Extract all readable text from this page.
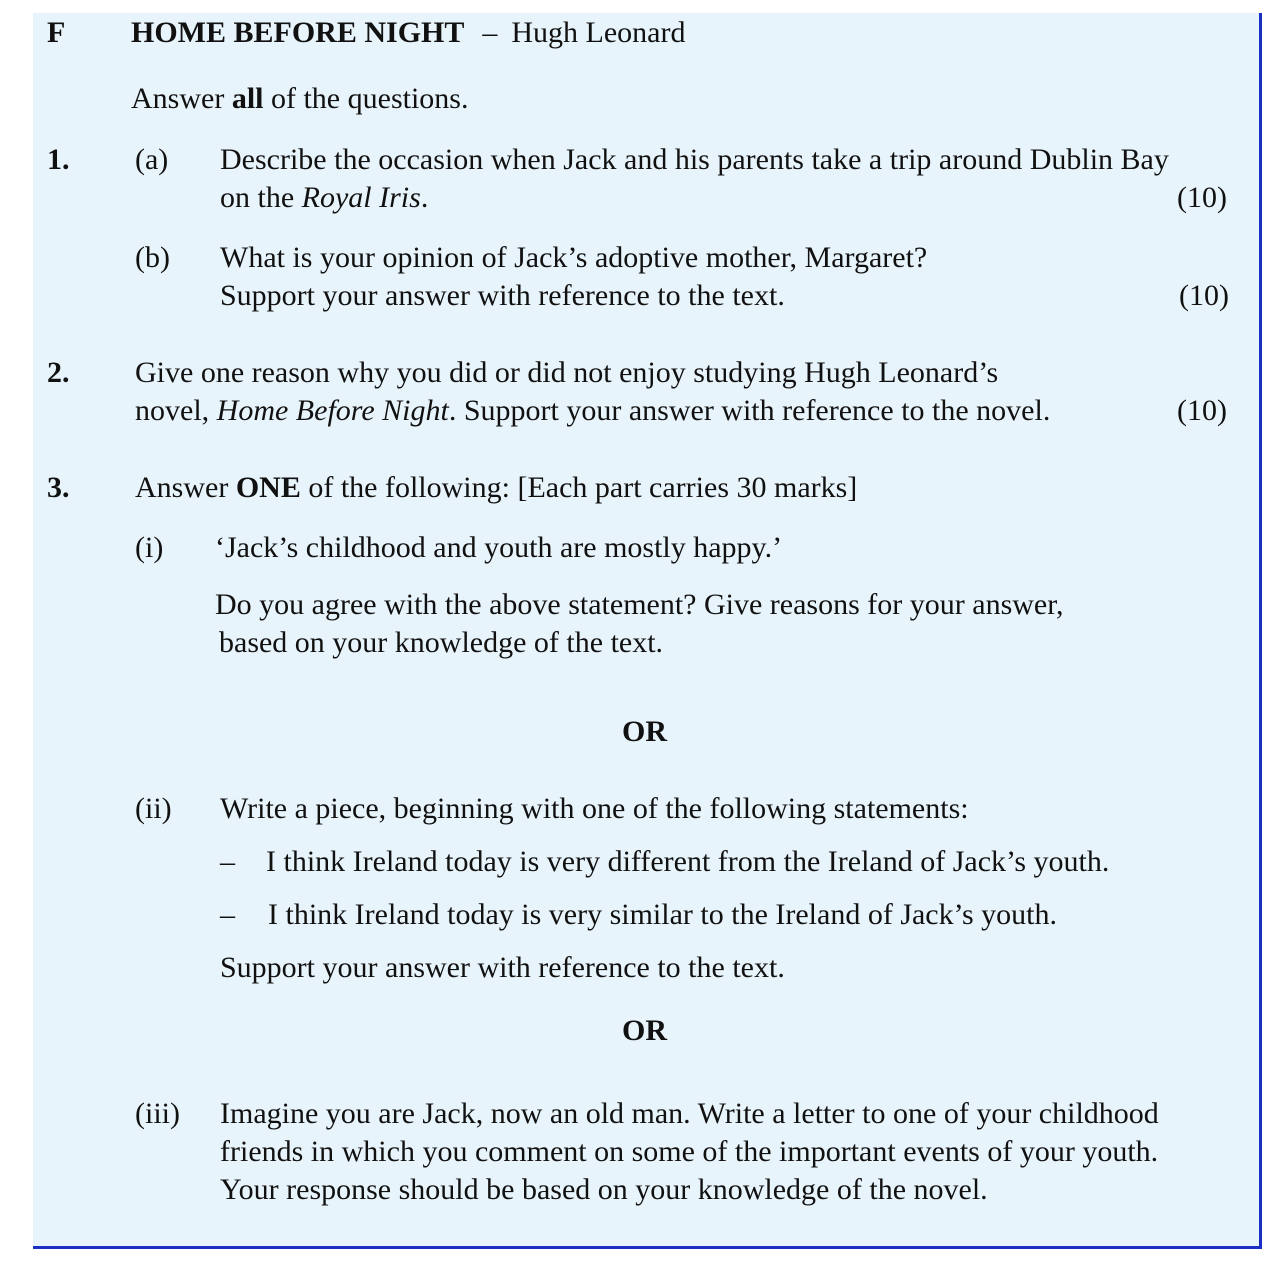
F HOME BEFORE NIGHT – Hugh Leonard
Answer all of the questions.
1. (a) Describe the occasion when Jack and his parents take a trip around Dublin Bay
on the Royal Iris.	(10)
(b) What is your opinion of Jack’s adoptive mother, Margaret?
Support your answer with reference to the text.	(10)
2. Give one reason why you did or did not enjoy studying Hugh Leonard’s
novel, Home Before Night. Support your answer with reference to the novel.	(10)
3. Answer ONE of the following: [Each part carries 30 marks]
(i) ‘Jack’s childhood and youth are mostly happy.’
Do you agree with the above statement? Give reasons for your answer,
based on your knowledge of the text.
OR
(ii) Write a piece, beginning with one of the following statements:
– I think Ireland today is very different from the Ireland of Jack’s youth.
– I think Ireland today is very similar to the Ireland of Jack’s youth.
Support your answer with reference to the text.
OR
(iii) Imagine you are Jack, now an old man. Write a letter to one of your childhood
friends in which you comment on some of the important events of your youth.
Your response should be based on your knowledge of the novel.
